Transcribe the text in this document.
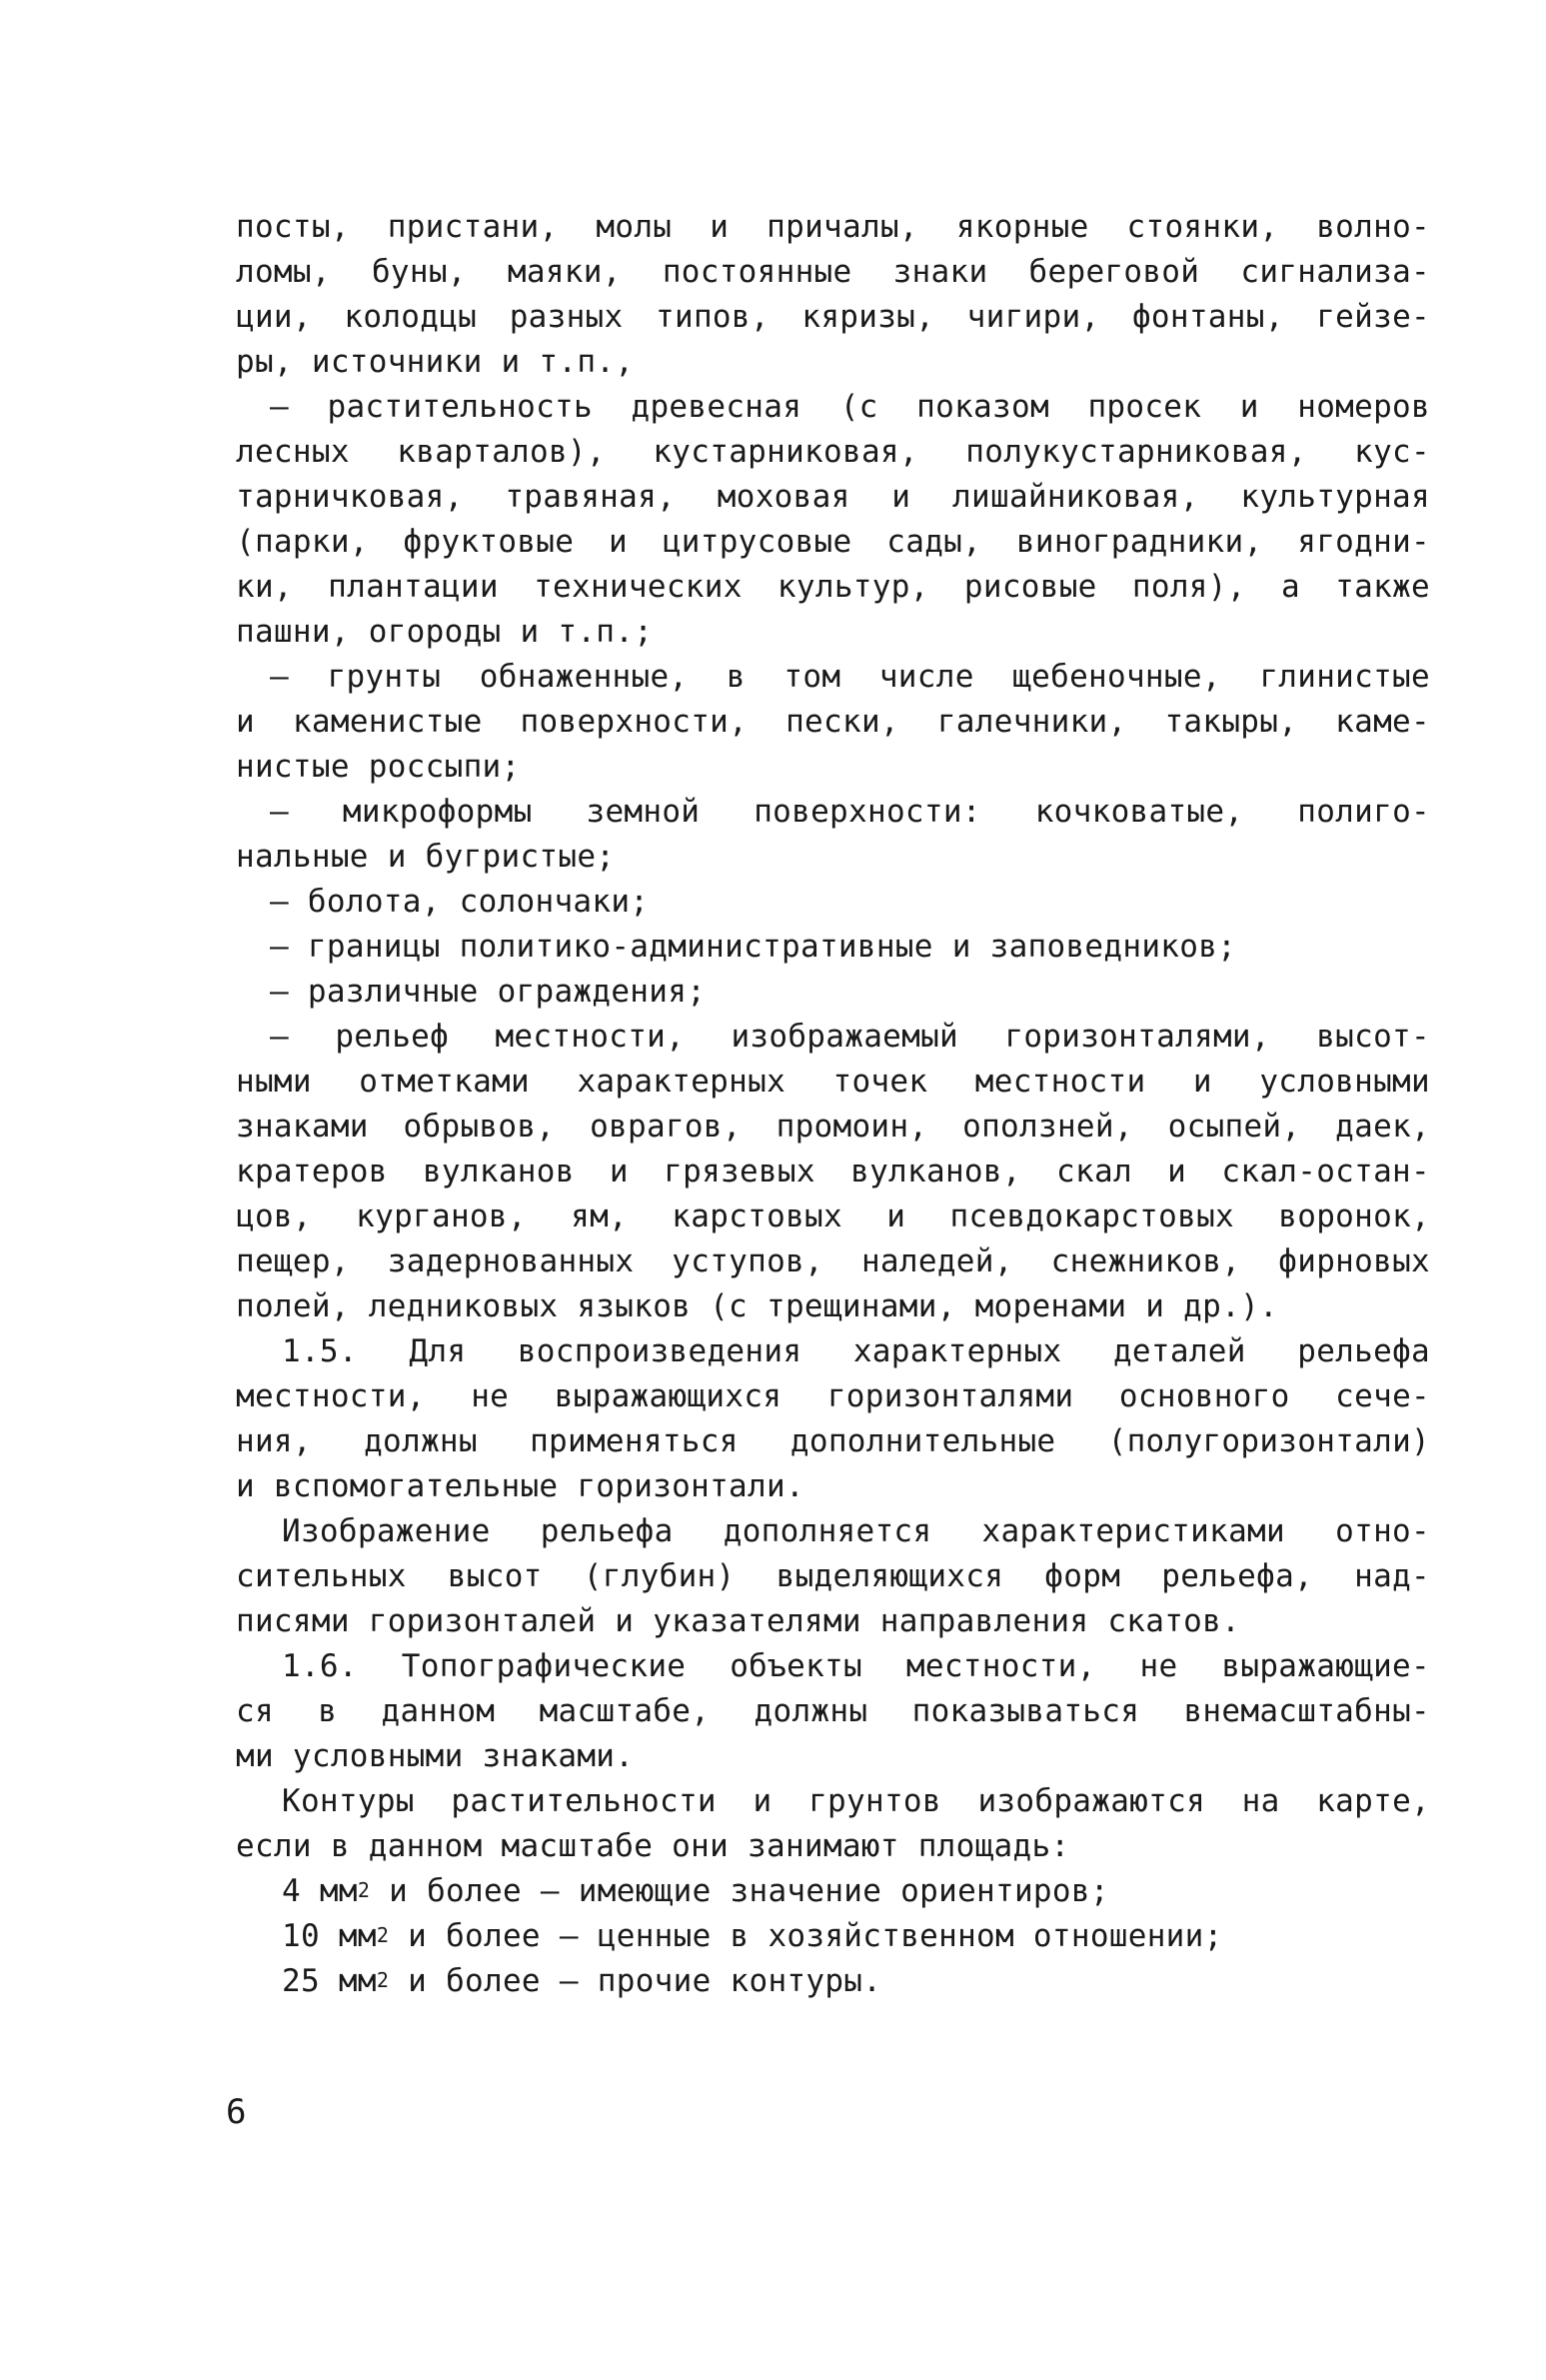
посты, пристани, молы и причалы, якорные стоянки, волно-
ломы, буны, маяки, постоянные знаки береговой сигнализа-
ции, колодцы разных типов, кяризы, чигири, фонтаны, гейзе-
ры, источники и т.п.,
– растительность древесная (с показом просек и номеров
лесных кварталов), кустарниковая, полукустарниковая, кус-
тарничковая, травяная, моховая и лишайниковая, культурная
(парки, фруктовые и цитрусовые сады, виноградники, ягодни-
ки, плантации технических культур, рисовые поля), а также
пашни, огороды и т.п.;
– грунты обнаженные, в том числе щебеночные, глинистые
и каменистые поверхности, пески, галечники, такыры, каме-
нистые россыпи;
– микроформы земной поверхности: кочковатые, полиго-
нальные и бугристые;
– болота, солончаки;
– границы политико-административные и заповедников;
– различные ограждения;
– рельеф местности, изображаемый горизонталями, высот-
ными отметками характерных точек местности и условными
знаками обрывов, оврагов, промоин, оползней, осыпей, даек,
кратеров вулканов и грязевых вулканов, скал и скал-остан-
цов, курганов, ям, карстовых и псевдокарстовых воронок,
пещер, задернованных уступов, наледей, снежников, фирновых
полей, ледниковых языков (с трещинами, моренами и др.).
1.5. Для воспроизведения характерных деталей рельефа
местности, не выражающихся горизонталями основного сече-
ния, должны применяться дополнительные (полугоризонтали)
и вспомогательные горизонтали.
Изображение рельефа дополняется характеристиками отно-
сительных высот (глубин) выделяющихся форм рельефа, над-
писями горизонталей и указателями направления скатов.
1.6. Топографические объекты местности, не выражающие-
ся в данном масштабе, должны показываться внемасштабны-
ми условными знаками.
Контуры растительности и грунтов изображаются на карте,
если в данном масштабе они занимают площадь:
4 $мм^2$ и более – имеющие значение ориентиров;
10 $мм^2$ и более – ценные в хозяйственном отношении;
25 $мм^2$ и более – прочие контуры.
6
